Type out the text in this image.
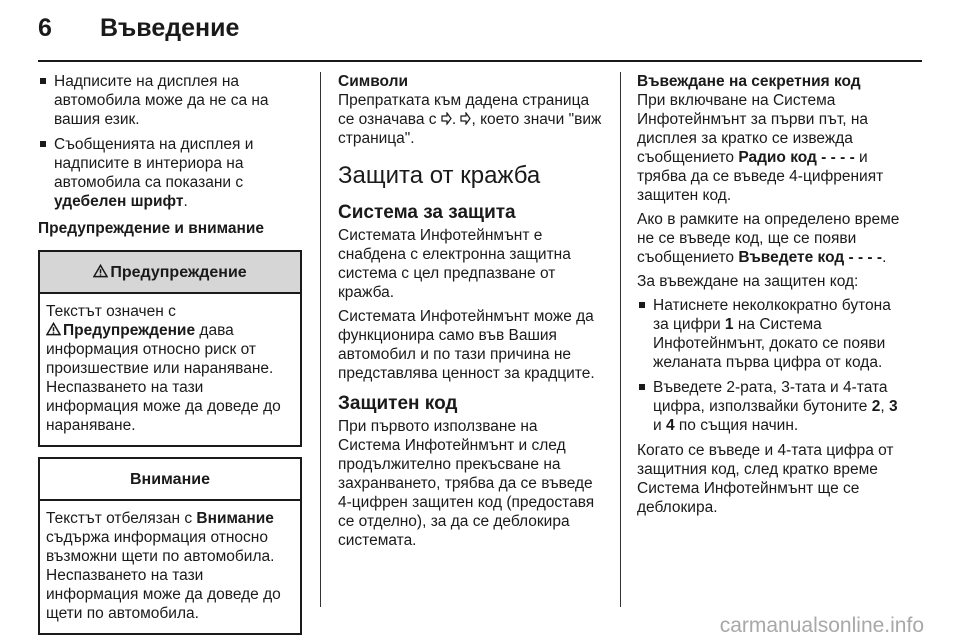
6 Въведение
Надписите на дисплея на автомобила може да не са на вашия език.
Съобщенията на дисплея и надписите в интериора на автомобила са показани с удебелен шрифт.
Предупреждение и внимание
Предупреждение
Текстът означен с
Предупреждение дава информация относно риск от произшествие или нараняване. Неспазването на тази информация може да доведе до нараняване.
Внимание
Текстът отбелязан с Внимание съдържа информация относно възможни щети по автомобила. Неспазването на тази информация може да доведе до щети по автомобила.
Символи
Препратката към дадена страница се означава с . , което значи "виж страница".
Защита от кражба
Система за защита
Системата Инфотейнмънт е снабдена с електронна защитна система с цел предпазване от кражба.
Системата Инфотейнмънт може да функционира само във Вашия автомобил и по тази причина не представлява ценност за крадците.
Защитен код
При първото използване на Система Инфотейнмънт и след продължително прекъсване на захранването, трябва да се въведе 4-цифрен защитен код (предоставя се отделно), за да се деблокира системата.
Въвеждане на секретния код
При включване на Система Инфотейнмънт за първи път, на дисплея за кратко се извежда съобщението Радио код - - - - и трябва да се въведе 4-цифреният защитен код.
Ако в рамките на определено време не се въведе код, ще се появи съобщението Въведете код - - - -.
За въвеждане на защитен код:
Натиснете неколкократно бутона за цифри 1 на Система Инфотейнмънт, докато се появи желаната първа цифра от кода.
Въведете 2-рата, 3-тата и 4-тата цифра, използвайки бутоните 2, 3 и 4 по същия начин.
Когато се въведе и 4-тата цифра от защитния код, след кратко време Система Инфотейнмънт ще се деблокира.
carmanualsonline.info
